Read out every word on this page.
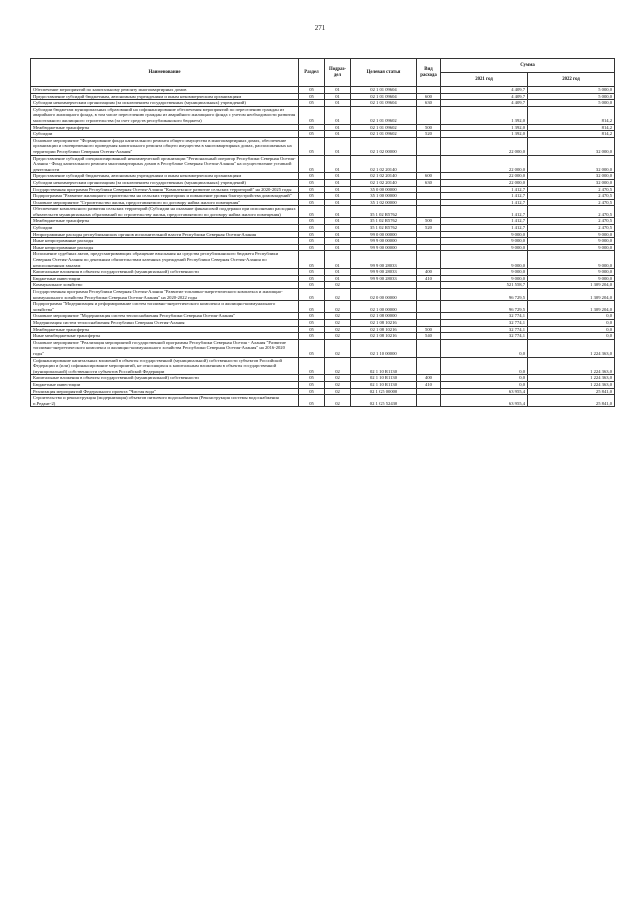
271
Наименование	Раздел	Подраз-дел	Целевая статья	Вид расхода	Сумма	
					2021 год	2022 год
Обеспечение мероприятий по капитальному ремонту многоквартирных домов	05	01	02 1 01 09604		4 409,7	5 000,0
Предоставление субсидий бюджетным, автономным учреждениям и иным некоммерческим организациям	05	01	02 1 01 09604	600	4 409,7	5 000,0
Субсидии некоммерческим организациям (за исключением государственных (муниципальных) учреждений)	05	01	02 1 01 09604	630	4 409,7	5 000,0
Субсидии бюджетам муниципальных образований на софинансирование обеспечения мероприятий по переселению граждан из аварийного жилищного фонда, в том числе переселению граждан из аварийного жилищного фонда с учетом необходимости развития малоэтажного жилищного строительства (за счет средств республиканского бюджета)	05	01	02 1 01 09602		1 392,0	814,2
Межбюджетные трансферты	05	01	02 1 01 09602	500	1 392,0	814,2
Субсидии	05	01	02 1 01 09602	520	1 392,0	814,2
Основное мероприятие "Формирование фонда капитального ремонта общего имущества в многоквартирных домах, обеспечение организации и своевременного проведения капитального ремонта общего имущества в многоквартирных домах, расположенных на территории Республики Северная Осетия-Алания"	05	01	02 1 02 00000		22 000,0	32 000,0
Предоставление субсидий специализированной некоммерческой организации "Региональный оператор Республики Северная Осетия-Алания - Фонд капитального ремонта многоквартирных домов в Республике Северная Осетия-Алания" на осуществление уставной деятельности	05	01	02 1 02 20140		22 000,0	32 000,0
Предоставление субсидий бюджетным, автономным учреждениям и иным некоммерческим организациям	05	01	02 1 02 20140	600	22 000,0	32 000,0
Субсидии некоммерческим организациям (за исключением государственных (муниципальных) учреждений)	05	01	02 1 02 20140	630	22 000,0	32 000,0
Государственная программа Республики Северная Осетия-Алания "Комплексное развитие сельских территорий" на 2020-2025 годы	05	01	35 0 00 00000		1 412,7	2 470,5
Подпрограмма "Развитие жилищного строительства на сельских территориях и повышение уровня благоустройства домовладений"	05	01	35 1 00 00000		1 412,7	2 470,5
Основное мероприятие "Строительство жилья, предоставляемого по договору найма жилого помещения"	05	01	35 1 02 00000		1 412,7	2 470,5
Обеспечение комплексного развития сельских территорий (Субсидии на оказание финансовой поддержки при исполнении расходных обязательств муниципальных образований по строительству жилья, предоставляемого по договору найма жилого помещения)	05	01	35 1 02 R5762		1 412,7	2 470,5
Межбюджетные трансферты	05	01	35 1 02 R5762	500	1 412,7	2 470,5
Субсидии	05	01	35 1 02 R5762	520	1 412,7	2 470,5
Непрограммные расходы республиканских органов исполнительной власти Республики Северная Осетия-Алания	05	01	99 0 00 00000		9 000,0	9 000,0
Иные непрограммные расходы	05	01	99 9 00 00000		9 000,0	9 000,0
Иные непрограммные расходы	05	01	99 9 00 00000		9 000,0	9 000,0
Исполнение судебных актов, предусматривающих обращение взыскания на средства республиканского бюджета Республики Северная Осетия-Алания по денежным обязательствам казенных учреждений Республики Северная Осетия-Алания по неисполненным заказам	05	01	99 9 00 28033		9 000,0	9 000,0
Капитальные вложения в объекты государственной (муниципальной) собственности	05	01	99 9 00 28033	400	9 000,0	9 000,0
Бюджетные инвестиции	05	01	99 9 00 28033	410	9 000,0	9 000,0
Коммунальное хозяйство	05	02			521 558,7	1 309 204,0
Государственная программа Республики Северная Осетия-Алания "Развитие топливно-энергетического комплекса и жилищно-коммунального хозяйства Республики Северная Осетия-Алания" на 2020-2022 годы	05	02	02 0 00 00000		96 729,5	1 309 204,0
Подпрограмма "Модернизация и реформирование систем топливно-энергетического комплекса и жилищно-коммунального хозяйства"	05	02	02 1 00 00000		96 729,5	1 309 204,0
Основное мероприятие "Модернизация систем теплоснабжения Республики Северная Осетия-Алания"	05	02	02 1 08 00000		32 774,1	0,0
Модернизация систем теплоснабжения Республики Северная Осетия-Алания	05	02	02 1 08 10216		32 774,1	0,0
Межбюджетные трансферты	05	02	02 1 08 10216	500	32 774,1	0,0
Иные межбюджетные трансферты	05	02	02 1 08 10216	540	32 774,1	0,0
Основное мероприятие "Реализация мероприятий государственной программы Республики Северная Осетия - Алания "Развитие топливно-энергетического комплекса и жилищно-коммунального хозяйства Республики Северная Осетия-Алания" на 2016-2020 годы"	05	02	02 1 10 00000		0,0	1 224 363,0
Софинансирование капитальных вложений в объекты государственной (муниципальной) собственности субъектов Российской Федерации и (или) софинансирование мероприятий, не относящихся к капитальным вложениям в объекты государственной (муниципальной) собственности субъектов Российской Федерации	05	02	02 1 10 R1130		0,0	1 224 363,0
Капитальные вложения в объекты государственной (муниципальной) собственности	05	02	02 1 10 R1130	400	0,0	1 224 363,0
Бюджетные инвестиции	05	02	02 1 10 R1130	410	0,0	1 224 363,0
Реализация мероприятий Федерального проекта "Чистая вода"	05	02	02 1 G5 00000		63 955,4	25 841,0
Строительство и реконструкция (модернизация) объектов питьевого водоснабжения (Реконструкция системы водоснабжения п.Редант-2)	05	02	02 1 G5 52430		63 955,4	25 841,0
